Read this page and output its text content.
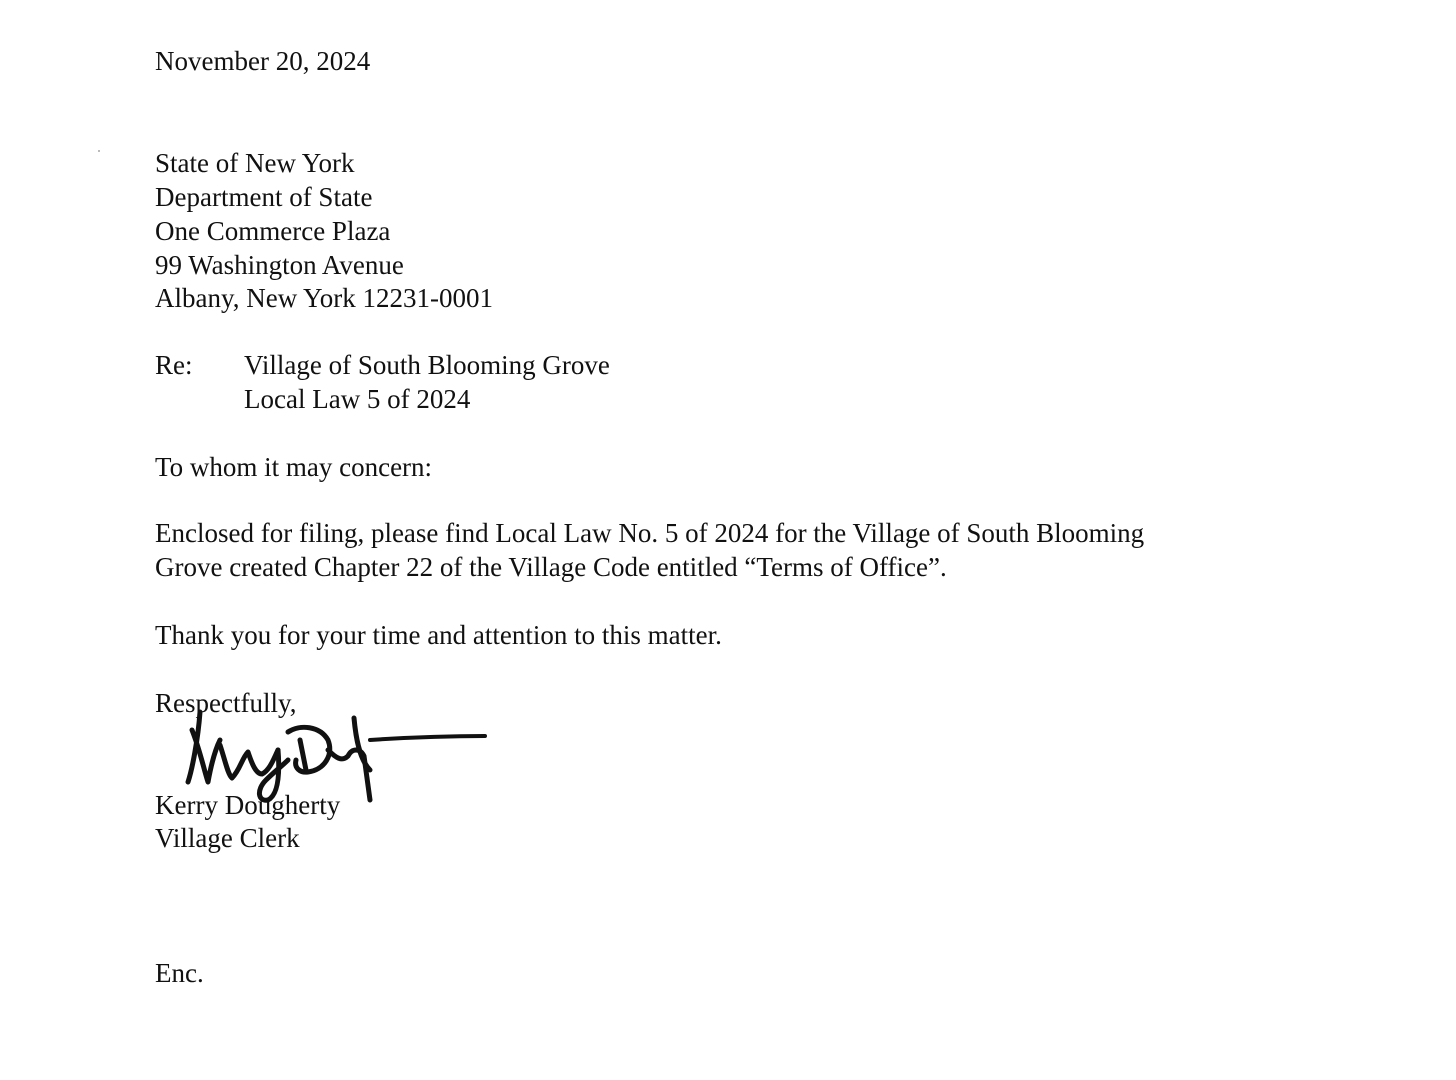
November 20, 2024
State of New York
Department of State
One Commerce Plaza
99 Washington Avenue
Albany, New York 12231-0001
Re: Village of South Blooming Grove
Local Law 5 of 2024
To whom it may concern:
Enclosed for filing, please find Local Law No. 5 of 2024 for the Village of South Blooming
Grove created Chapter 22 of the Village Code entitled “Terms of Office”.
Thank you for your time and attention to this matter.
Respectfully,
Kerry Dougherty
Village Clerk
Enc.
